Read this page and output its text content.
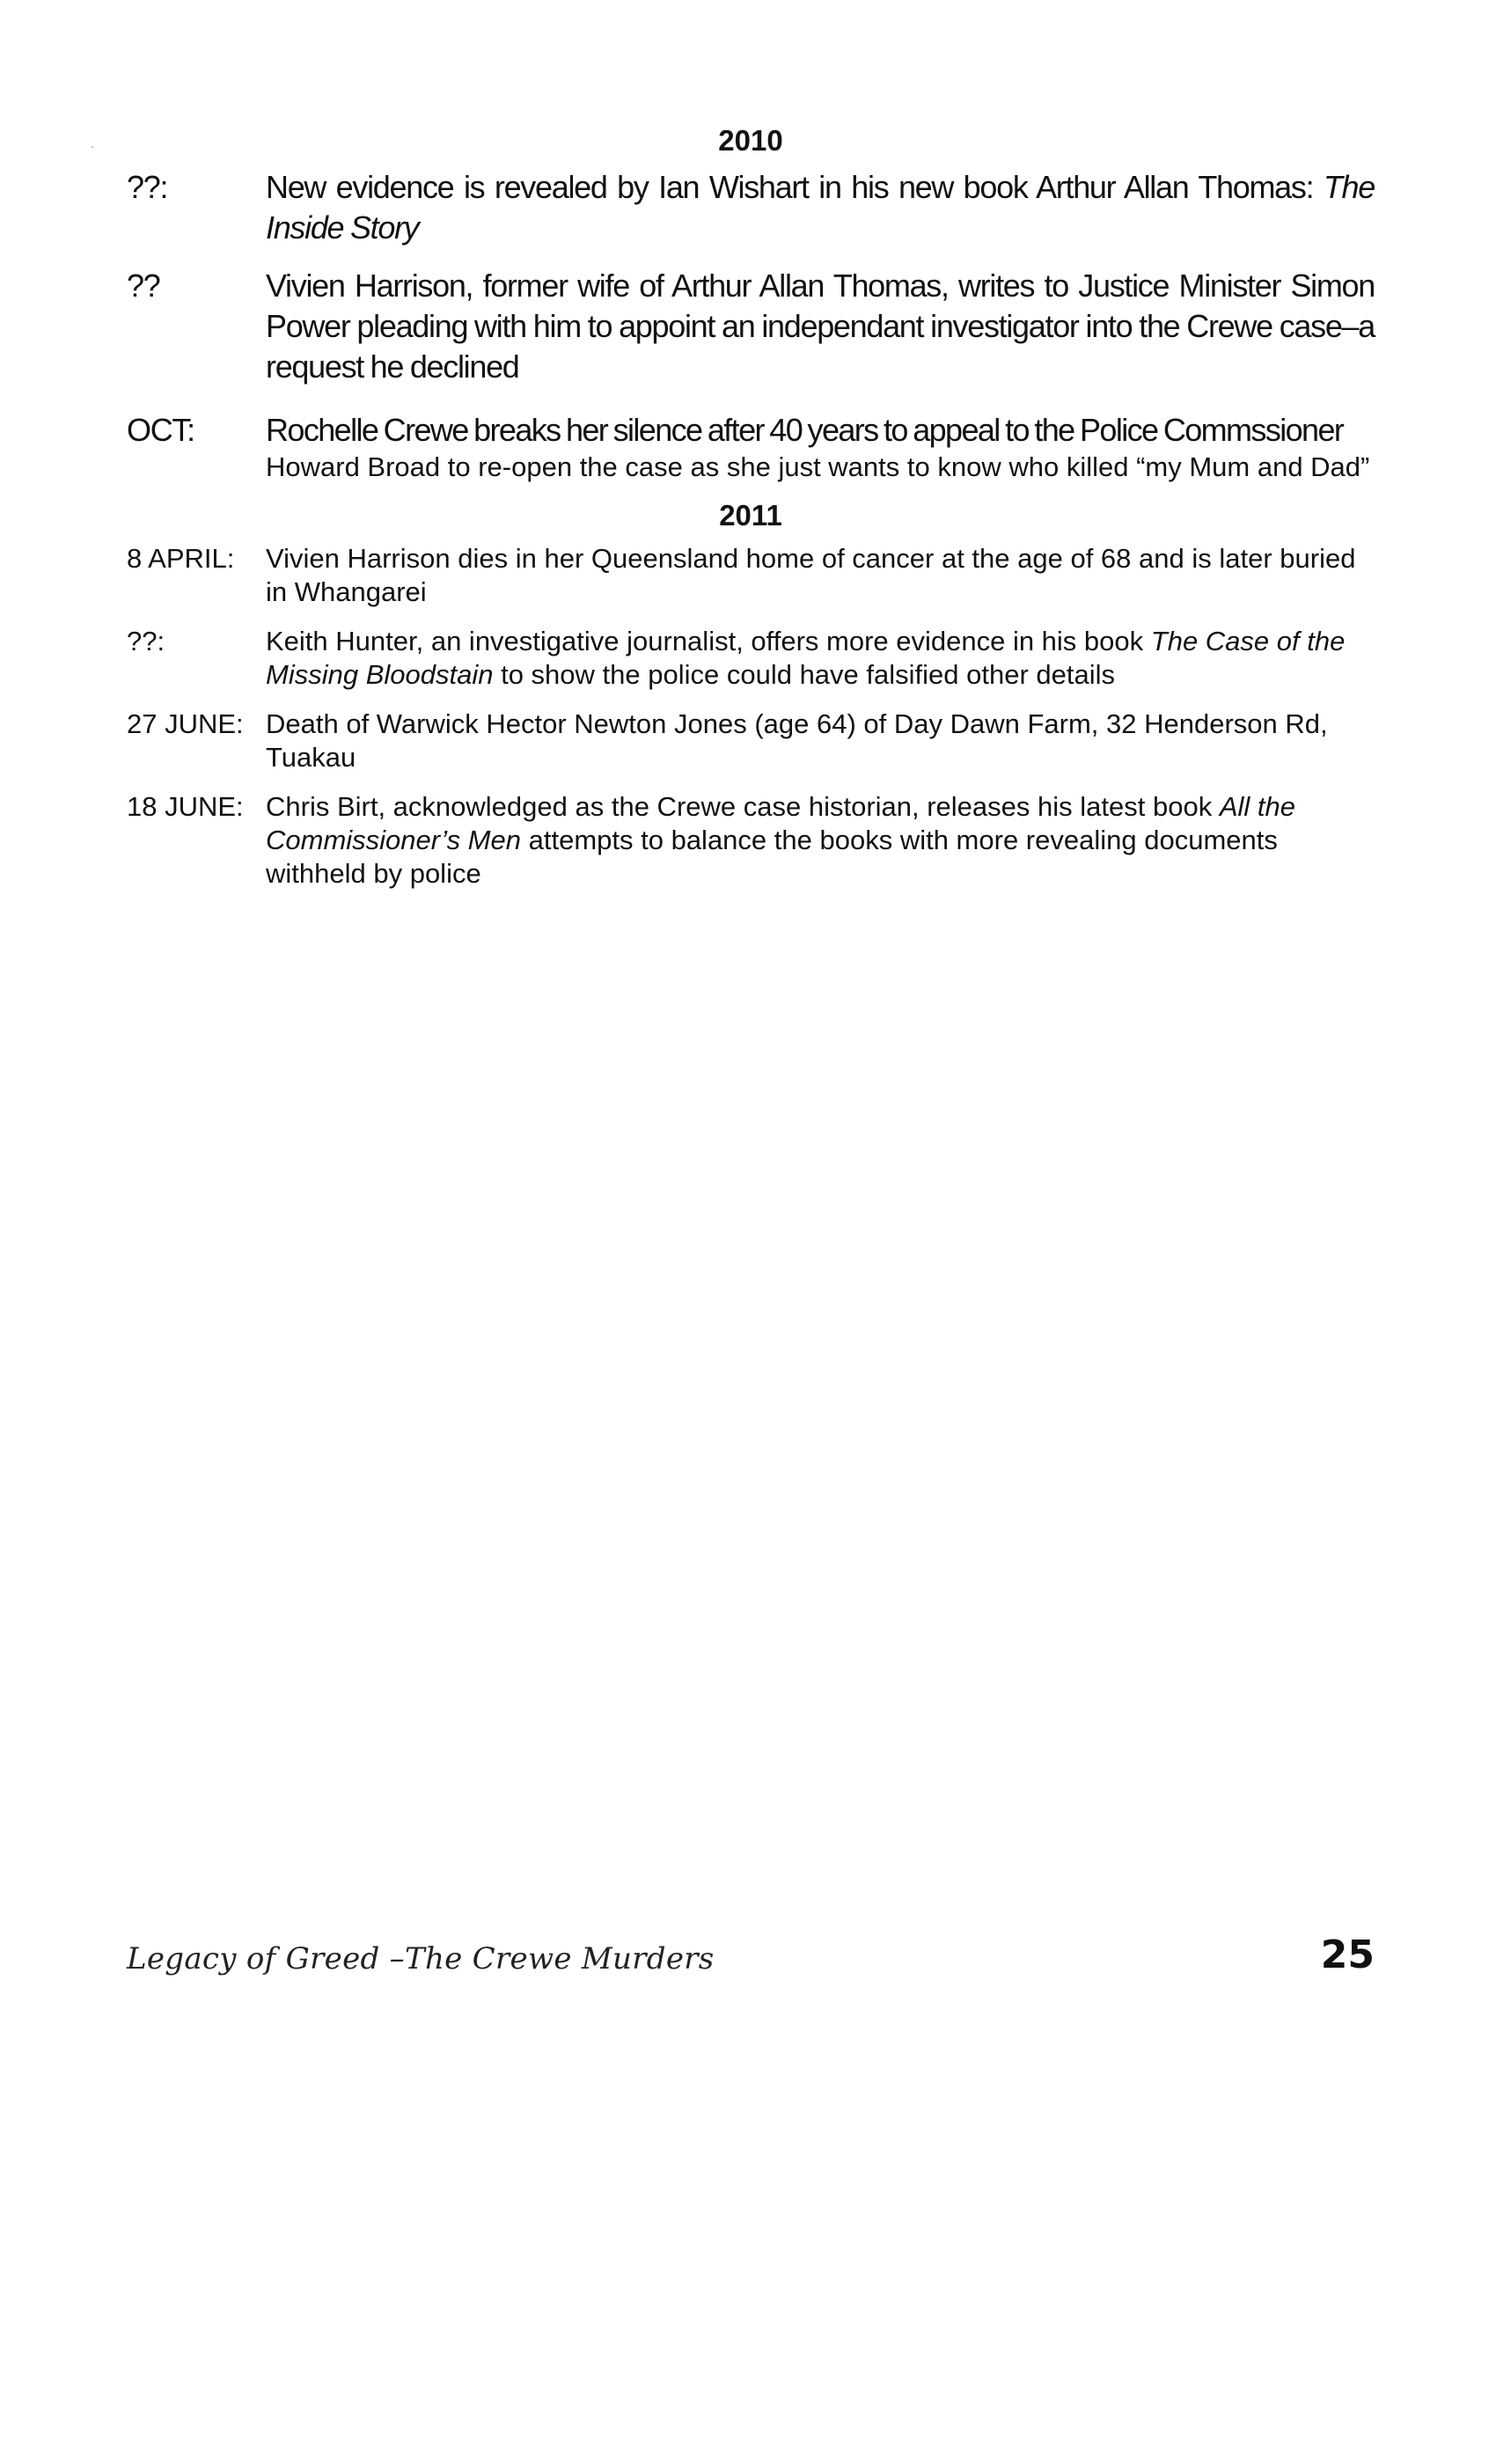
2010
??:	New evidence is revealed by Ian Wishart in his new book Arthur Allan Thomas: The Inside Story
??	Vivien Harrison, former wife of Arthur Allan Thomas, writes to Justice Minister Simon Power pleading with him to appoint an independant investigator into the Crewe case–a request he declined
OCT:	Rochelle Crewe breaks her silence after 40 years to appeal to the Police Commssioner
Howard Broad to re-open the case as she just wants to know who killed “my Mum and Dad”
2011
8 APRIL:	Vivien Harrison dies in her Queensland home of cancer at the age of 68 and is later buried in Whangarei
??:	Keith Hunter, an investigative journalist, offers more evidence in his book The Case of the Missing Bloodstain to show the police could have falsified other details
27 JUNE: Death of Warwick Hector Newton Jones (age 64) of Day Dawn Farm, 32 Henderson Rd, Tuakau
18 JUNE: Chris Birt, acknowledged as the Crewe case historian, releases his latest book All the Commissioner’s Men attempts to balance the books with more revealing documents withheld by police
Legacy of Greed –The Crewe Murders	25
